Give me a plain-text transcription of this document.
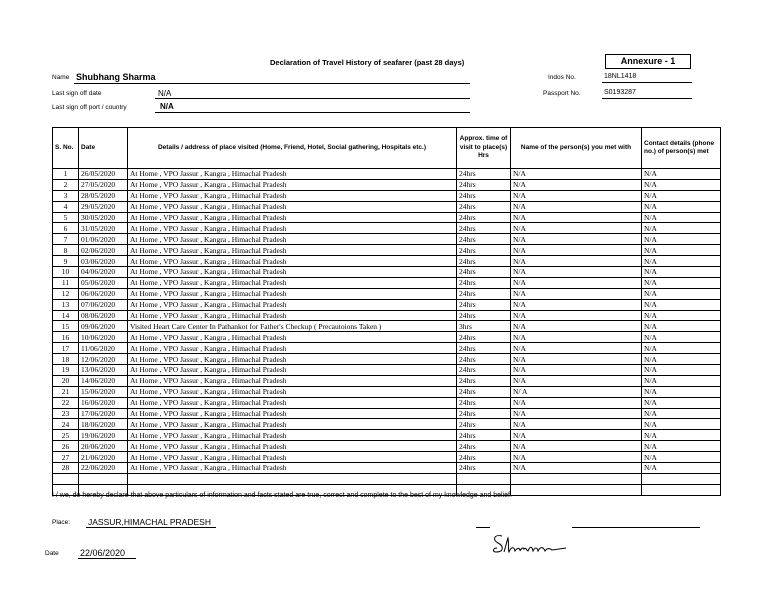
Declaration of Travel History of seafarer (past 28 days)	Annexure - 1
Name Shubhang Sharma
Last sign off date	N/A
Last sign off port / country	N/A
Indos No.	18NL1418
Passport No.	S0193287
S. No.	Date	Details / address of place visited (Home, Friend, Hotel, Social gathering, Hospitals etc.)	Approx. time of visit to place(s) Hrs	Name of the person(s) you met with	Contact details (phone no.) of person(s) met
1	26/05/2020	At Home , VPO Jassur , Kangra , Himachal Pradesh	24hrs	N/A	N/A
2	27/05/2020	At Home , VPO Jassur , Kangra , Himachal Pradesh	24hrs	N/A	N/A
3	28/05/2020	At Home , VPO Jassur , Kangra , Himachal Pradesh	24hrs	N/A	N/A
4	29/05/2020	At Home , VPO Jassur , Kangra , Himachal Pradesh	24hrs	N/A	N/A
5	30/05/2020	At Home , VPO Jassur , Kangra , Himachal Pradesh	24hrs	N/A	N/A
6	31/05/2020	At Home , VPO Jassur , Kangra , Himachal Pradesh	24hrs	N/A	N/A
7	01/06/2020	At Home , VPO Jassur , Kangra , Himachal Pradesh	24hrs	N/A	N/A
8	02/06/2020	At Home , VPO Jassur , Kangra , Himachal Pradesh	24hrs	N/A	N/A
9	03/06/2020	At Home , VPO Jassur , Kangra , Himachal Pradesh	24hrs	N/A	N/A
10	04/06/2020	At Home , VPO Jassur , Kangra , Himachal Pradesh	24hrs	N/A	N/A
11	05/06/2020	At Home , VPO Jassur , Kangra , Himachal Pradesh	24hrs	N/A	N/A
12	06/06/2020	At Home , VPO Jassur , Kangra , Himachal Pradesh	24hrs	N/A	N/A
13	07/06/2020	At Home , VPO Jassur , Kangra , Himachal Pradesh	24hrs	N/A	N/A
14	08/06/2020	At Home , VPO Jassur , Kangra , Himachal Pradesh	24hrs	N/A	N/A
15	09/06/2020	Visited Heart Care Center In Pathankot for Father's Checkup ( Precautoions Taken )	3hrs	N/A	N/A
16	10/06/2020	At Home , VPO Jassur , Kangra , Himachal Pradesh	24hrs	N/A	N/A
17	11/06/2020	At Home , VPO Jassur , Kangra , Himachal Pradesh	24hrs	N/A	N/A
18	12/06/2020	At Home , VPO Jassur , Kangra , Himachal Pradesh	24hrs	N/A	N/A
19	13/06/2020	At Home , VPO Jassur , Kangra , Himachal Pradesh	24hrs	N/A	N/A
20	14/06/2020	At Home , VPO Jassur , Kangra , Himachal Pradesh	24hrs	N/A	N/A
21	15/06/2020	At Home , VPO Jassur , Kangra , Himachal Pradesh	24hrs	N/ A	N/A
22	16/06/2020	At Home , VPO Jassur , Kangra , Himachal Pradesh	24hrs	N/A	N/A
23	17/06/2020	At Home , VPO Jassur , Kangra , Himachal Pradesh	24hrs	N/A	N/A
24	18/06/2020	At Home , VPO Jassur , Kangra , Himachal Pradesh	24hrs	N/A	N/A
25	19/06/2020	At Home , VPO Jassur , Kangra , Himachal Pradesh	24hrs	N/A	N/A
26	20/06/2020	At Home , VPO Jassur , Kangra , Himachal Pradesh	24hrs	N/A	N/A
27	21/06/2020	At Home , VPO Jassur , Kangra , Himachal Pradesh	24hrs	N/A	N/A
28	22/06/2020	At Home , VPO Jassur , Kangra , Himachal Pradesh	24hrs	N/A	N/A

I / we, do hereby declare that above particulars of information and facts stated are true, correct and complete to the best of my knowledge and belief.
Place: JASSUR,HIMACHAL PRADESH
Date 22/06/2020
